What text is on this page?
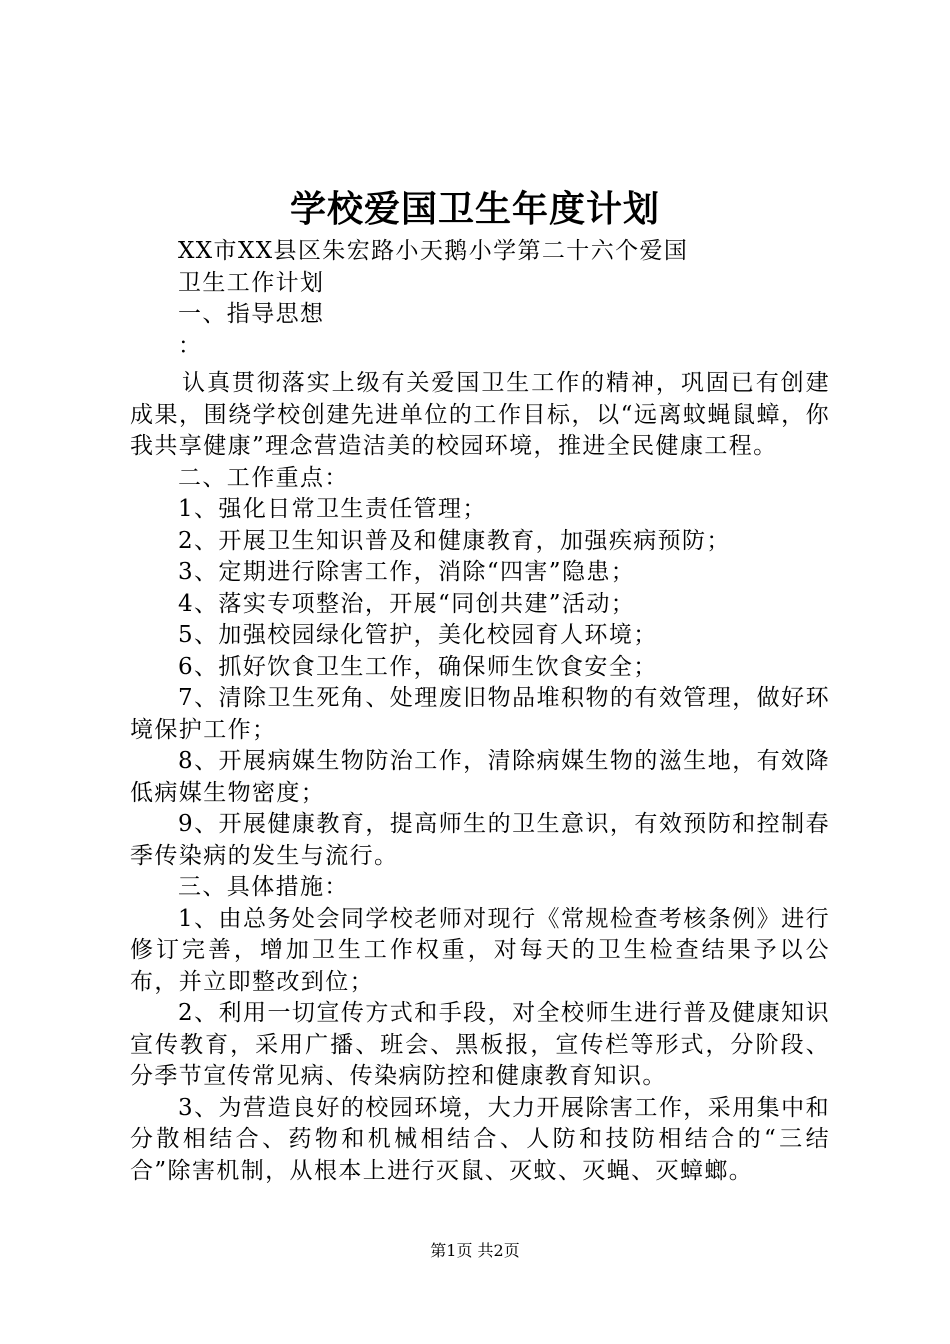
学校爱国卫生年度计划

XX市XX县区朱宏路小天鹅小学第二十六个爱国

卫生工作计划

一、指导思想

：

认真贯彻落实上级有关爱国卫生工作的精神，巩固已有创建成果，围绕学校创建先进单位的工作目标，以“远离蚊蝇鼠蟑，你我共享健康”理念营造洁美的校园环境，推进全民健康工程。

二、工作重点：

1、强化日常卫生责任管理；

2、开展卫生知识普及和健康教育，加强疾病预防；

3、定期进行除害工作，消除“四害”隐患；

4、落实专项整治，开展“同创共建”活动；

5、加强校园绿化管护，美化校园育人环境；

6、抓好饮食卫生工作，确保师生饮食安全；

7、清除卫生死角、处理废旧物品堆积物的有效管理，做好环境保护工作；

8、开展病媒生物防治工作，清除病媒生物的滋生地，有效降低病媒生物密度；

9、开展健康教育，提高师生的卫生意识，有效预防和控制春季传染病的发生与流行。

三、具体措施：

1、由总务处会同学校老师对现行《常规检查考核条例》进行修订完善，增加卫生工作权重，对每天的卫生检查结果予以公布，并立即整改到位；

2、利用一切宣传方式和手段，对全校师生进行普及健康知识宣传教育，采用广播、班会、黑板报，宣传栏等形式，分阶段、分季节宣传常见病、传染病防控和健康教育知识。

3、为营造良好的校园环境，大力开展除害工作，采用集中和分散相结合、药物和机械相结合、人防和技防相结合的“三结合”除害机制，从根本上进行灭鼠、灭蚊、灭蝇、灭蟑螂。

第1页 共2页
